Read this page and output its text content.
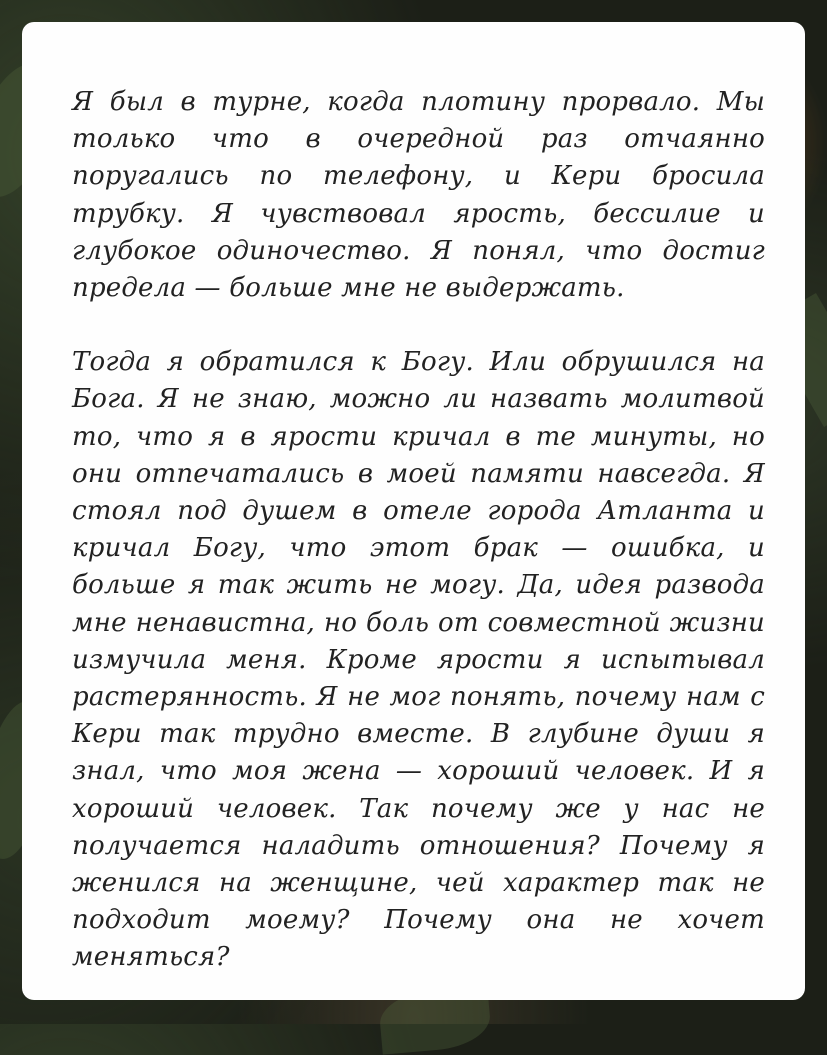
Я был в турне, когда плотину прорвало. Мы только что в очередной раз отчаянно поругались по телефону, и Кери бросила трубку. Я чувствовал ярость, бессилие и глубокое одиночество. Я понял, что достиг предела — больше мне не выдержать.

Тогда я обратился к Богу. Или обрушился на Бога. Я не знаю, можно ли назвать молитвой то, что я в ярости кричал в те минуты, но они отпечатались в моей памяти навсегда. Я стоял под душем в отеле города Атланта и кричал Богу, что этот брак — ошибка, и больше я так жить не могу. Да, идея развода мне ненавистна, но боль от совместной жизни измучила меня. Кроме ярости я испытывал растерянность. Я не мог понять, почему нам с Кери так трудно вместе. В глубине души я знал, что моя жена — хороший человек. И я хороший человек. Так почему же у нас не получается наладить отношения? Почему я женился на женщине, чей характер так не подходит моему? Почему она не хочет меняться?
